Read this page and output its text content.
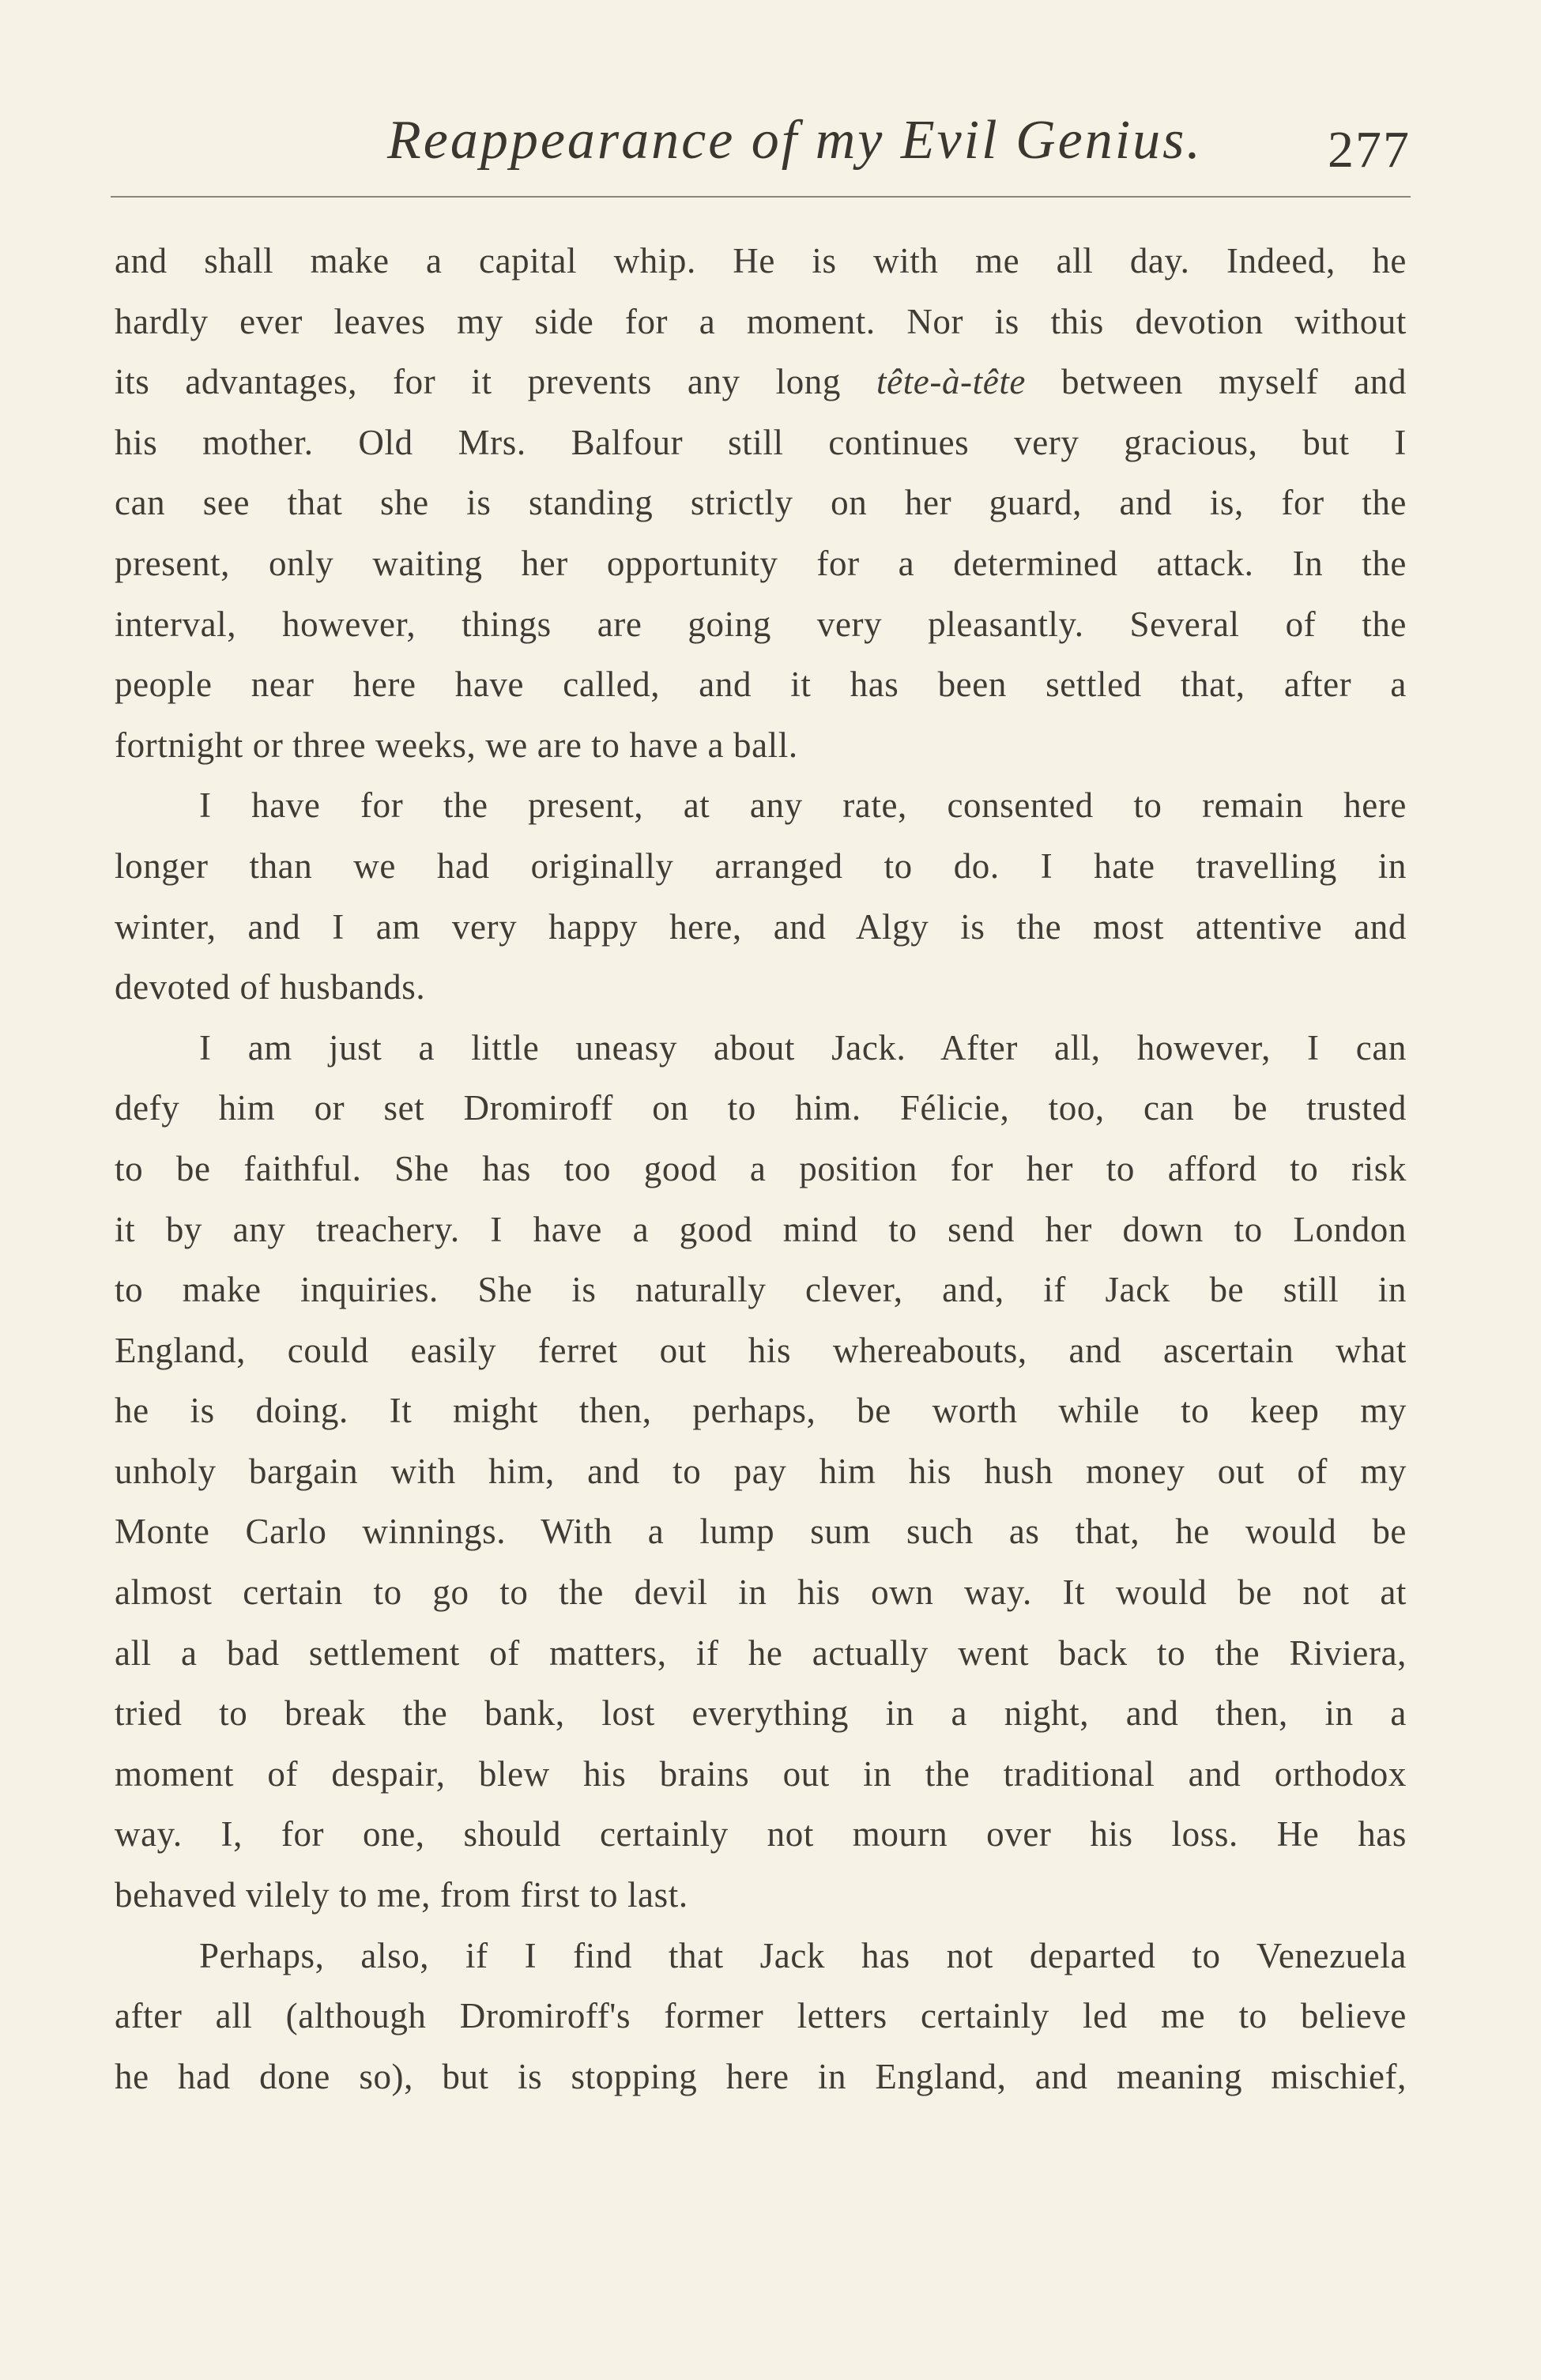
Reappearance of my Evil Genius. 277
and shall make a capital whip. He is with me all day. Indeed, he
hardly ever leaves my side for a moment. Nor is this devotion without
its advantages, for it prevents any long tête-à-tête between myself and
his mother. Old Mrs. Balfour still continues very gracious, but I
can see that she is standing strictly on her guard, and is, for the
present, only waiting her opportunity for a determined attack. In the
interval, however, things are going very pleasantly. Several of the
people near here have called, and it has been settled that, after a
fortnight or three weeks, we are to have a ball.
I have for the present, at any rate, consented to remain here
longer than we had originally arranged to do. I hate travelling in
winter, and I am very happy here, and Algy is the most attentive and
devoted of husbands.
I am just a little uneasy about Jack. After all, however, I can
defy him or set Dromiroff on to him. Félicie, too, can be trusted
to be faithful. She has too good a position for her to afford to risk
it by any treachery. I have a good mind to send her down to London
to make inquiries. She is naturally clever, and, if Jack be still in
England, could easily ferret out his whereabouts, and ascertain what
he is doing. It might then, perhaps, be worth while to keep my
unholy bargain with him, and to pay him his hush money out of my
Monte Carlo winnings. With a lump sum such as that, he would be
almost certain to go to the devil in his own way. It would be not at
all a bad settlement of matters, if he actually went back to the Riviera,
tried to break the bank, lost everything in a night, and then, in a
moment of despair, blew his brains out in the traditional and orthodox
way. I, for one, should certainly not mourn over his loss. He has
behaved vilely to me, from first to last.
Perhaps, also, if I find that Jack has not departed to Venezuela
after all (although Dromiroff's former letters certainly led me to believe
he had done so), but is stopping here in England, and meaning mischief,
